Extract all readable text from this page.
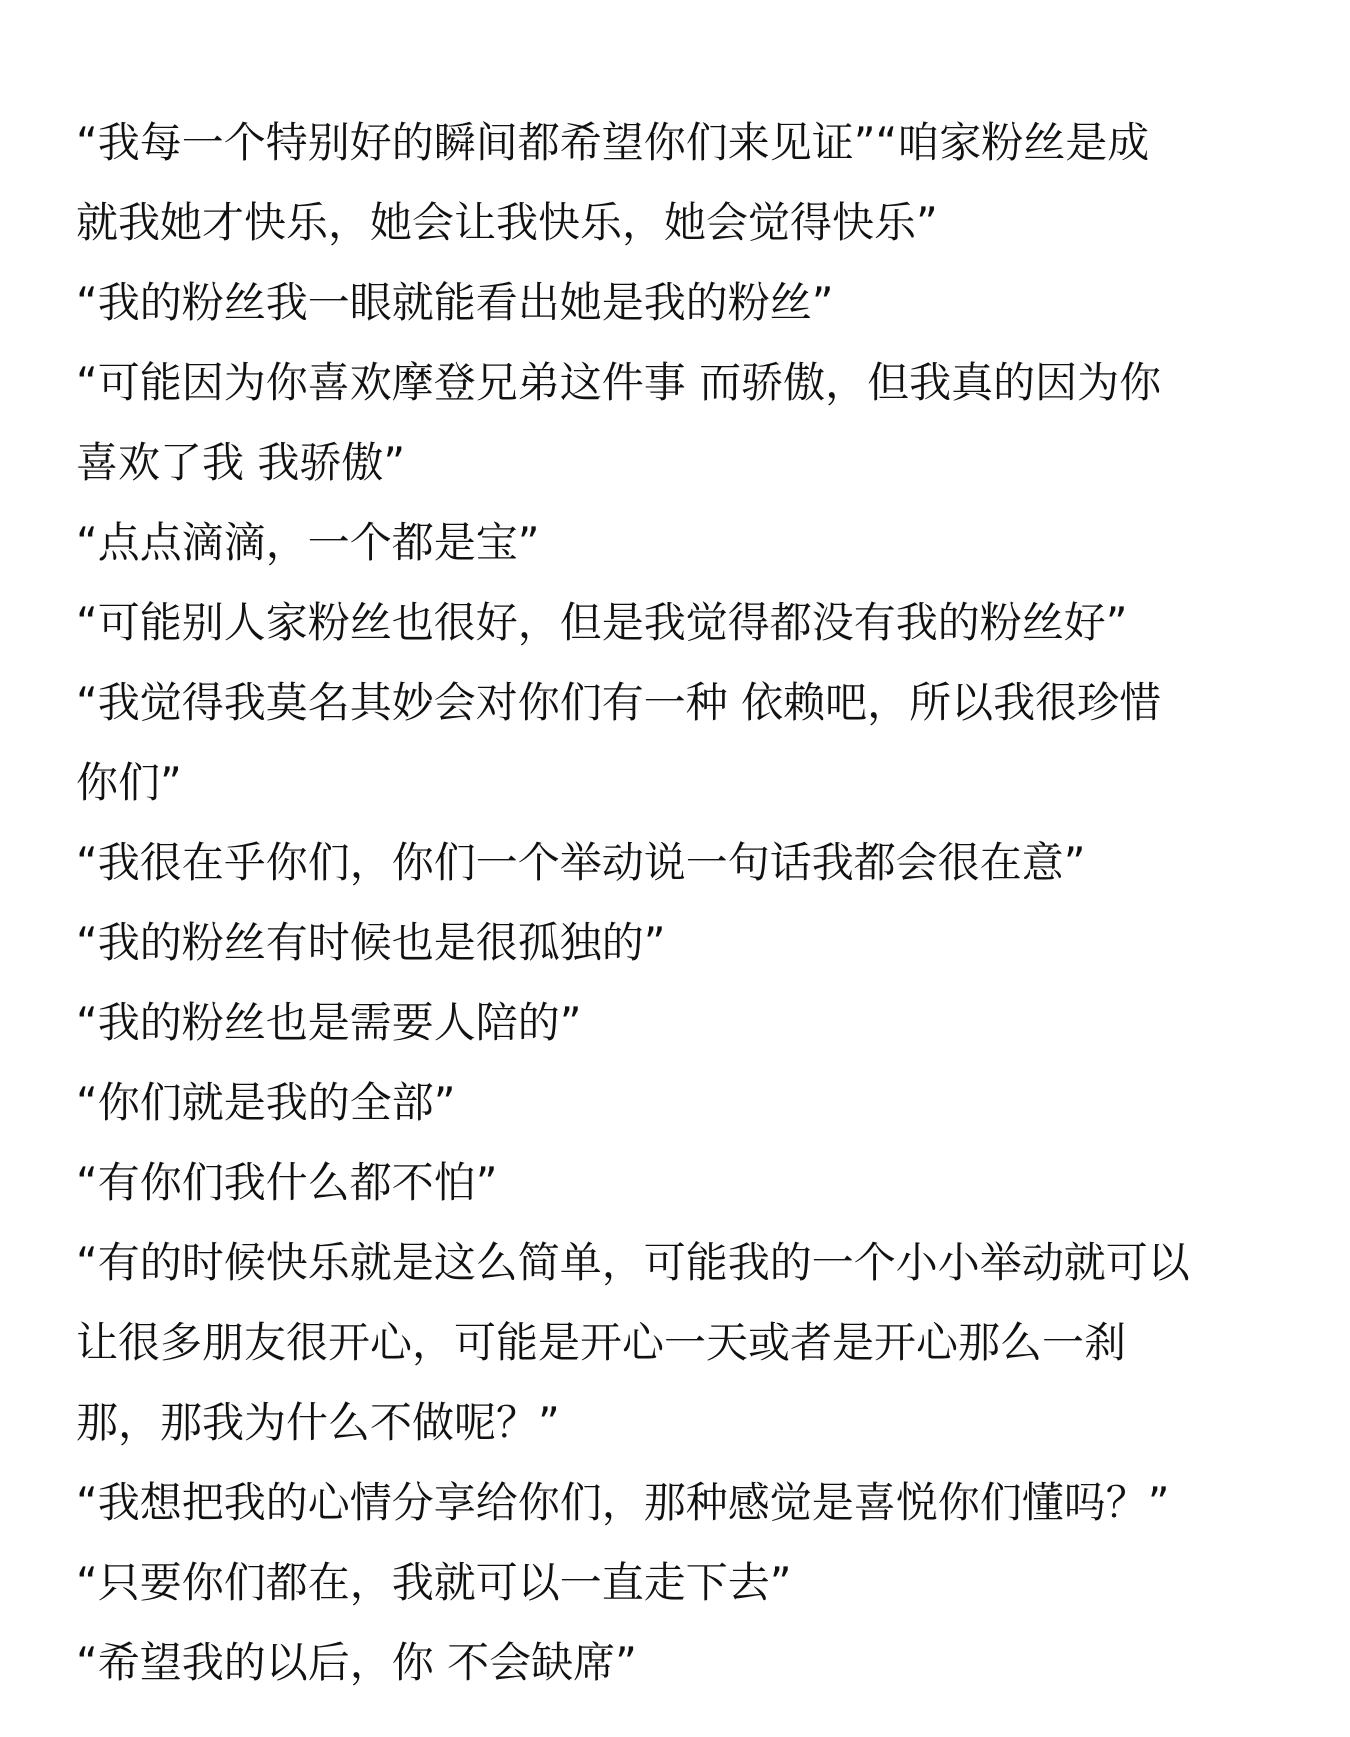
“我每一个特别好的瞬间都希望你们来见证”“咱家粉丝是成
就我她才快乐，她会让我快乐，她会觉得快乐”
“我的粉丝我一眼就能看出她是我的粉丝”
“可能因为你喜欢摩登兄弟这件事 而骄傲，但我真的因为你
喜欢了我 我骄傲”
“点点滴滴，一个都是宝”
“可能别人家粉丝也很好，但是我觉得都没有我的粉丝好”
“我觉得我莫名其妙会对你们有一种 依赖吧，所以我很珍惜
你们”
“我很在乎你们，你们一个举动说一句话我都会很在意”
“我的粉丝有时候也是很孤独的”
“我的粉丝也是需要人陪的”
“你们就是我的全部”
“有你们我什么都不怕”
“有的时候快乐就是这么简单，可能我的一个小小举动就可以
让很多朋友很开心，可能是开心一天或者是开心那么一刹
那，那我为什么不做呢？”
“我想把我的心情分享给你们，那种感觉是喜悦你们懂吗？”
“只要你们都在，我就可以一直走下去”
“希望我的以后，你 不会缺席”
